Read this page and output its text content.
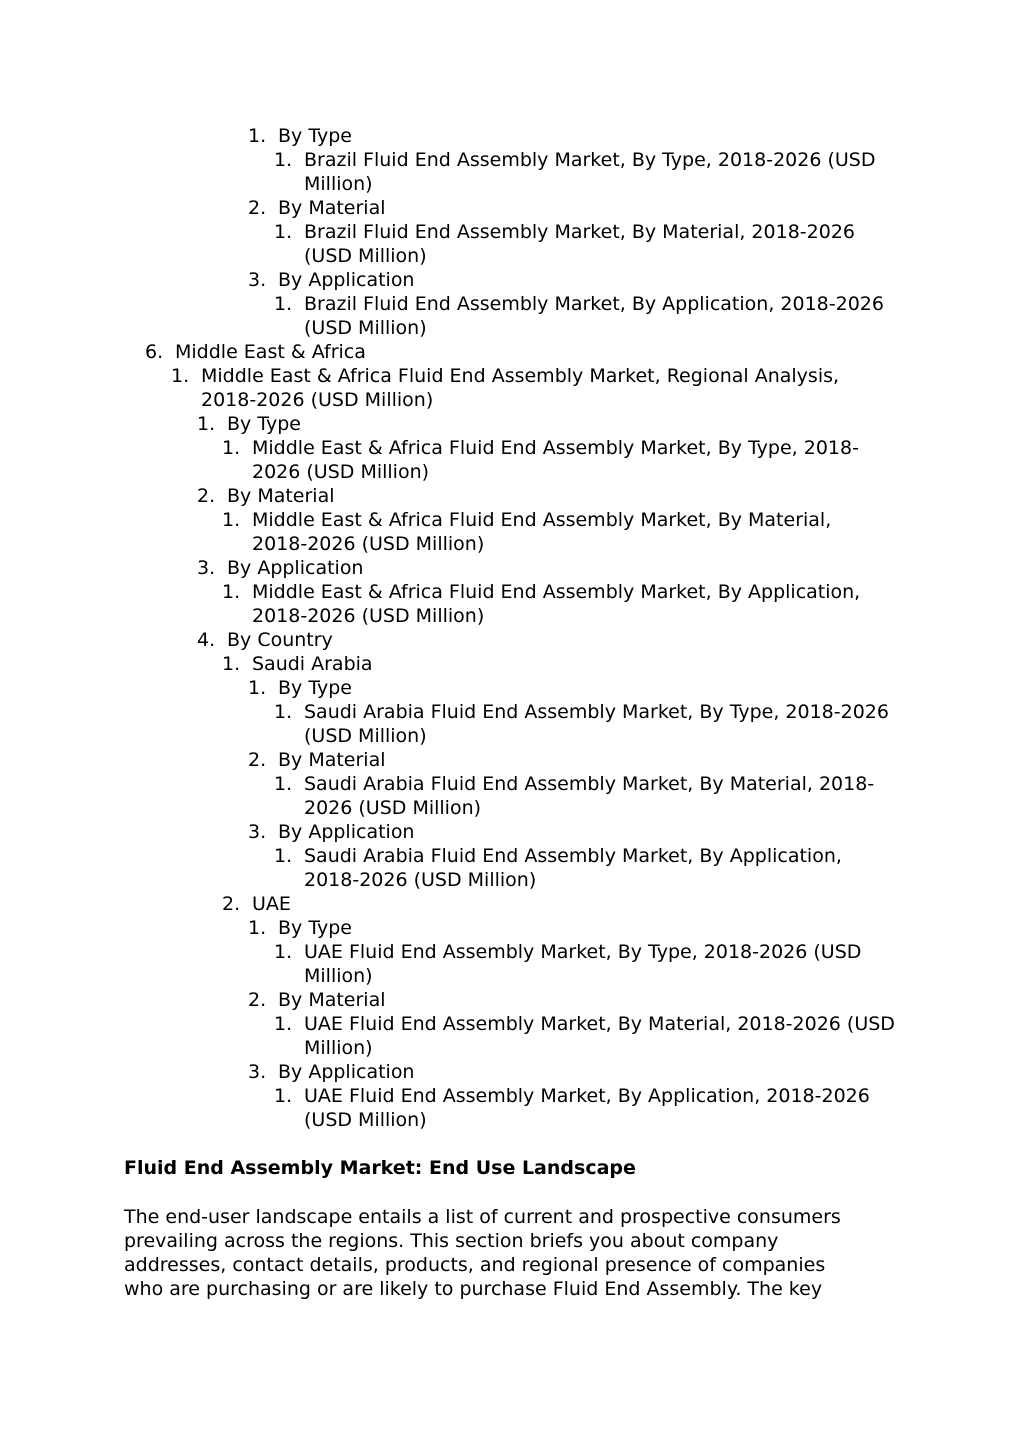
1. By Type
1. Brazil Fluid End Assembly Market, By Type, 2018-2026 (USD Million)
2. By Material
1. Brazil Fluid End Assembly Market, By Material, 2018-2026 (USD Million)
3. By Application
1. Brazil Fluid End Assembly Market, By Application, 2018-2026 (USD Million)
6. Middle East & Africa
1. Middle East & Africa Fluid End Assembly Market, Regional Analysis, 2018-2026 (USD Million)
1. By Type
1. Middle East & Africa Fluid End Assembly Market, By Type, 2018-2026 (USD Million)
2. By Material
1. Middle East & Africa Fluid End Assembly Market, By Material, 2018-2026 (USD Million)
3. By Application
1. Middle East & Africa Fluid End Assembly Market, By Application, 2018-2026 (USD Million)
4. By Country
1. Saudi Arabia
1. By Type
1. Saudi Arabia Fluid End Assembly Market, By Type, 2018-2026 (USD Million)
2. By Material
1. Saudi Arabia Fluid End Assembly Market, By Material, 2018-2026 (USD Million)
3. By Application
1. Saudi Arabia Fluid End Assembly Market, By Application, 2018-2026 (USD Million)
2. UAE
1. By Type
1. UAE Fluid End Assembly Market, By Type, 2018-2026 (USD Million)
2. By Material
1. UAE Fluid End Assembly Market, By Material, 2018-2026 (USD Million)
3. By Application
1. UAE Fluid End Assembly Market, By Application, 2018-2026 (USD Million)
Fluid End Assembly Market: End Use Landscape
The end-user landscape entails a list of current and prospective consumers
prevailing across the regions. This section briefs you about company
addresses, contact details, products, and regional presence of companies
who are purchasing or are likely to purchase Fluid End Assembly. The key
